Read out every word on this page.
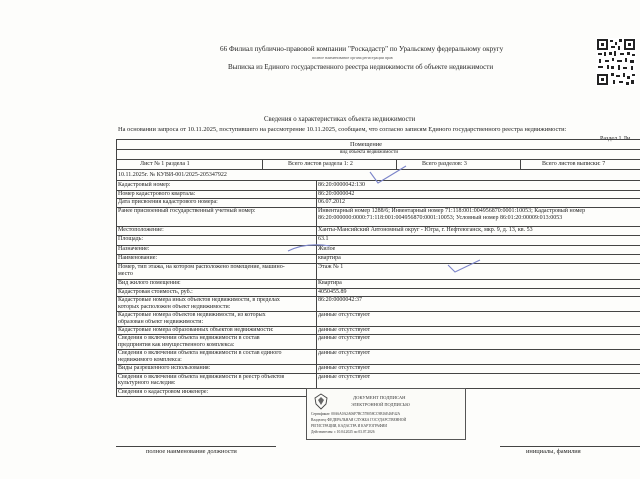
66 Филиал публично-правовой компании "Роскадастр" по Уральскому федеральному округу
полное наименование органа регистрации прав
Выписка из Единого государственного реестра недвижимости об объекте недвижимости
Сведения о характеристиках объекта недвижимости
На основании запроса от 10.11.2025, поступившего на рассмотрение 10.11.2025, сообщаем, что согласно записям Единого государственного реестра недвижимости:
Раздел 1 Ли
Помещение
вид объекта недвижимости
Лист № 1 раздела 1	Всего листов раздела 1: 2	Всего разделов: 3	Всего листов выписки: 7
10.11.2025г. № КУВИ-001/2025-205347922
Кадастровый номер:	86:20:0000042:130
Номер кадастрового квартала:	86:20:0000042
Дата присвоения кадастрового номера:	06.07.2012
Ранее присвоенный государственный учетный номер:	Инвентарный номер 1288/6; Инвентарный номер 71:118:001:004956870:0001:10053; Кадастровый номер
86:20:000000:0000:71:118:001:004956870:0001:10053; Условный номер 86:01:20:00009:013:0053
Местоположение:	Ханты-Мансийский Автономный округ - Югра, г. Нефтеюганск, мкр. 9, д. 13, кв. 53
Площадь:	63.1
Назначение:	Жилое
Наименование:	квартира
Номер, тип этажа, на котором расположено помещение, машино-
место
Этаж № 1
Вид жилого помещения:	Квартира
Кадастровая стоимость, руб.:	4050455.89
Кадастровые номера иных объектов недвижимости, в пределах
которых расположен объект недвижимости:
86:20:0000042:37
Кадастровые номера объектов недвижимости, из которых
образован объект недвижимости:
данные отсутствуют
Кадастровые номера образованных объектов недвижимости:	данные отсутствуют
Сведения о включении объекта недвижимости в состав
предприятия как имущественного комплекса:
данные отсутствуют
Сведения о включении объекта недвижимости в состав единого
недвижимого комплекса:
данные отсутствуют
Виды разрешенного использования:	данные отсутствуют
Сведения о включении объекта недвижимости в реестр объектов
культурного наследия:
данные отсутствуют
Сведения о кадастровом инженере:
ДОКУМЕНТ ПОДПИСАН
ЭЛЕКТРОННОЙ ПОДПИСЬЮ
Сертификат: 00A6A0A2A06F7BC578058CC9B16E46F42A
Владелец: ФЕДЕРАЛЬНАЯ СЛУЖБА ГОСУДАРСТВЕННОЙ
РЕГИСТРАЦИИ, КАДАСТРА И КАРТОГРАФИИ
Действителен: с 10.04.2025 по 03.07.2026
полное наименование должности	инициалы, фамилия
